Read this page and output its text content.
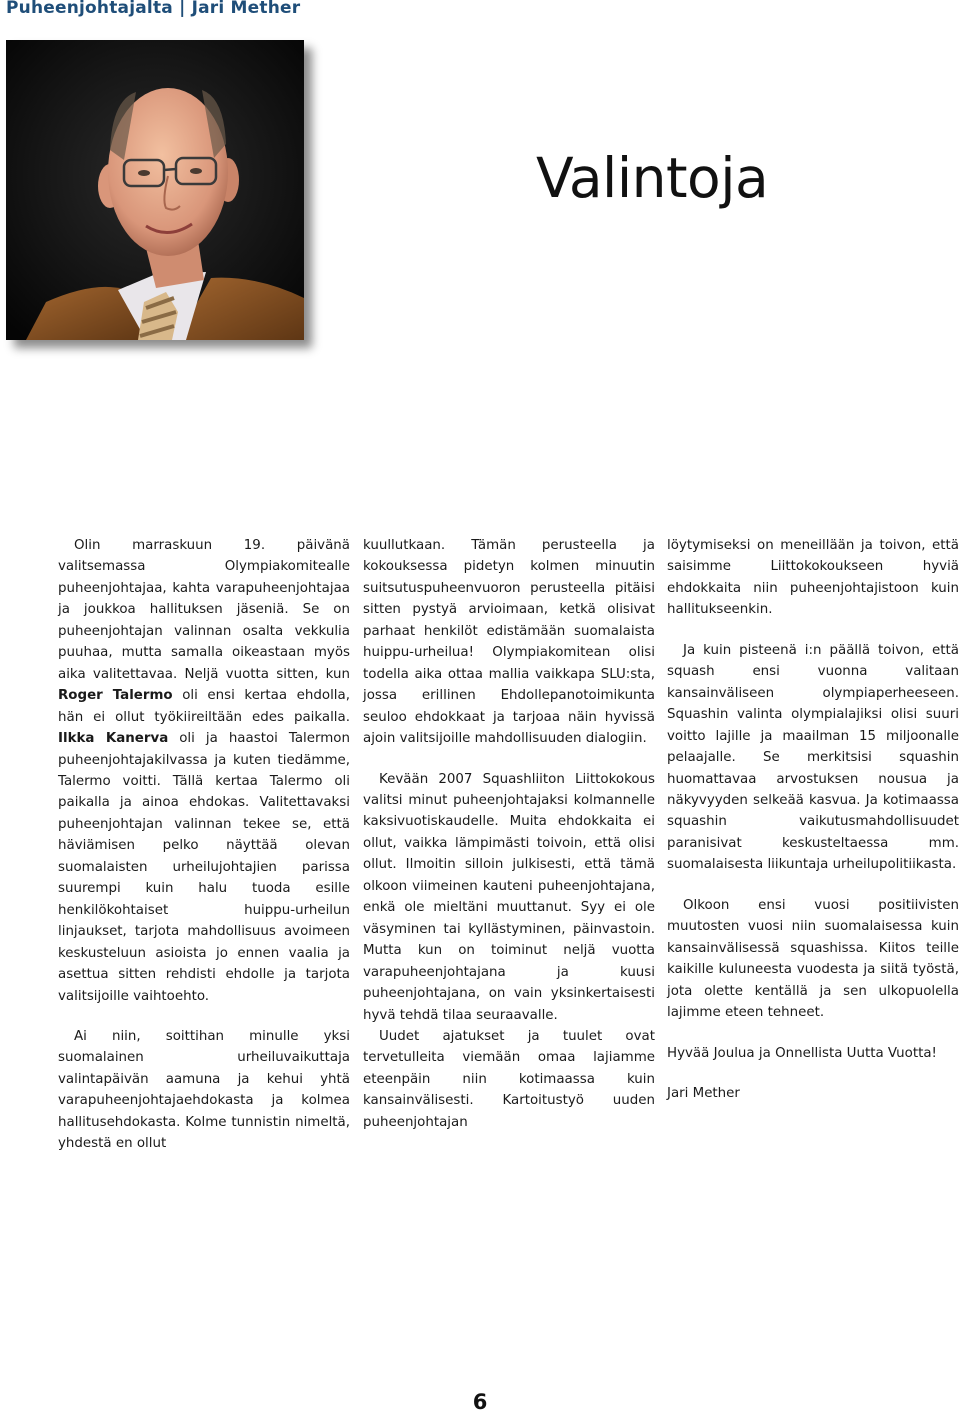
Puheenjohtajalta | Jari Mether
Valintoja

Olin marraskuun 19. päivänä valitsemassa Olympiakomitealle puheenjohtajaa, kahta varapuheenjohtajaa ja joukkoa hallituksen jäseniä. Se on puheenjohtajan valinnan osalta vekkulia puuhaa, mutta samalla oikeastaan myös aika valitettavaa. Neljä vuotta sitten, kun Roger Talermo oli ensi kertaa ehdolla, hän ei ollut työkiireiltään edes paikalla. Ilkka Kanerva oli ja haastoi Talermon puheenjohtajakilvassa ja kuten tiedämme, Talermo voitti. Tällä kertaa Talermo oli paikalla ja ainoa ehdokas. Valitettavaksi puheenjohtajan valinnan tekee se, että häviämisen pelko näyttää olevan suomalaisten urheilujohtajien parissa suurempi kuin halu tuoda esille henkilökohtaiset huippu-urheilun linjaukset, tarjota mahdollisuus avoimeen keskusteluun asioista jo ennen vaalia ja asettua sitten rehdisti ehdolle ja tarjota valitsijoille vaihtoehto.

Ai niin, soittihan minulle yksi suomalainen urheiluvaikuttaja valintapäivän aamuna ja kehui yhtä varapuheenjohtajaehdokasta ja kolmea hallitusehdokasta. Kolme tunnistin nimeltä, yhdestä en ollut

kuullutkaan. Tämän perusteella ja kokouksessa pidetyn kolmen minuutin suitsutuspuheenvuoron perusteella pitäisi sitten pystyä arvioimaan, ketkä olisivat parhaat henkilöt edistämään suomalaista huippu-urheilua! Olympiakomitean olisi todella aika ottaa mallia vaikkapa SLU:sta, jossa erillinen Ehdollepanotoimikunta seuloo ehdokkaat ja tarjoaa näin hyvissä ajoin valitsijoille mahdollisuuden dialogiin.

Kevään 2007 Squashliiton Liittokokous valitsi minut puheenjohtajaksi kolmannelle kaksivuotiskaudelle. Muita ehdokkaita ei ollut, vaikka lämpimästi toivoin, että olisi ollut. Ilmoitin silloin julkisesti, että tämä olkoon viimeinen kauteni puheenjohtajana, enkä ole mieltäni muuttanut. Syy ei ole väsyminen tai kyllästyminen, päinvastoin. Mutta kun on toiminut neljä vuotta varapuheenjohtajana ja kuusi puheenjohtajana, on vain yksinkertaisesti hyvä tehdä tilaa seuraavalle.

Uudet ajatukset ja tuulet ovat tervetulleita viemään omaa lajiamme eteenpäin niin kotimaassa kuin kansainvälisesti. Kartoitustyö uuden puheenjohtajan

löytymiseksi on meneillään ja toivon, että saisimme Liittokokoukseen hyviä ehdokkaita niin puheenjohtajistoon kuin hallitukseenkin.

Ja kuin pisteenä i:n päällä toivon, että squash ensi vuonna valitaan kansainväliseen olympiaperheeseen. Squashin valinta olympialajiksi olisi suuri voitto lajille ja maailman 15 miljoonalle pelaajalle. Se merkitsisi squashin huomattavaa arvostuksen nousua ja näkyvyyden selkeää kasvua. Ja kotimaassa squashin vaikutusmahdollisuudet paranisivat keskusteltaessa mm. suomalaisesta liikuntaja urheilupolitiikasta.

Olkoon ensi vuosi positiivisten muutosten vuosi niin suomalaisessa kuin kansainvälisessä squashissa. Kiitos teille kaikille kuluneesta vuodesta ja siitä työstä, jota olette kentällä ja sen ulkopuolella lajimme eteen tehneet.

Hyvää Joulua ja Onnellista Uutta Vuotta!

Jari Mether

6
